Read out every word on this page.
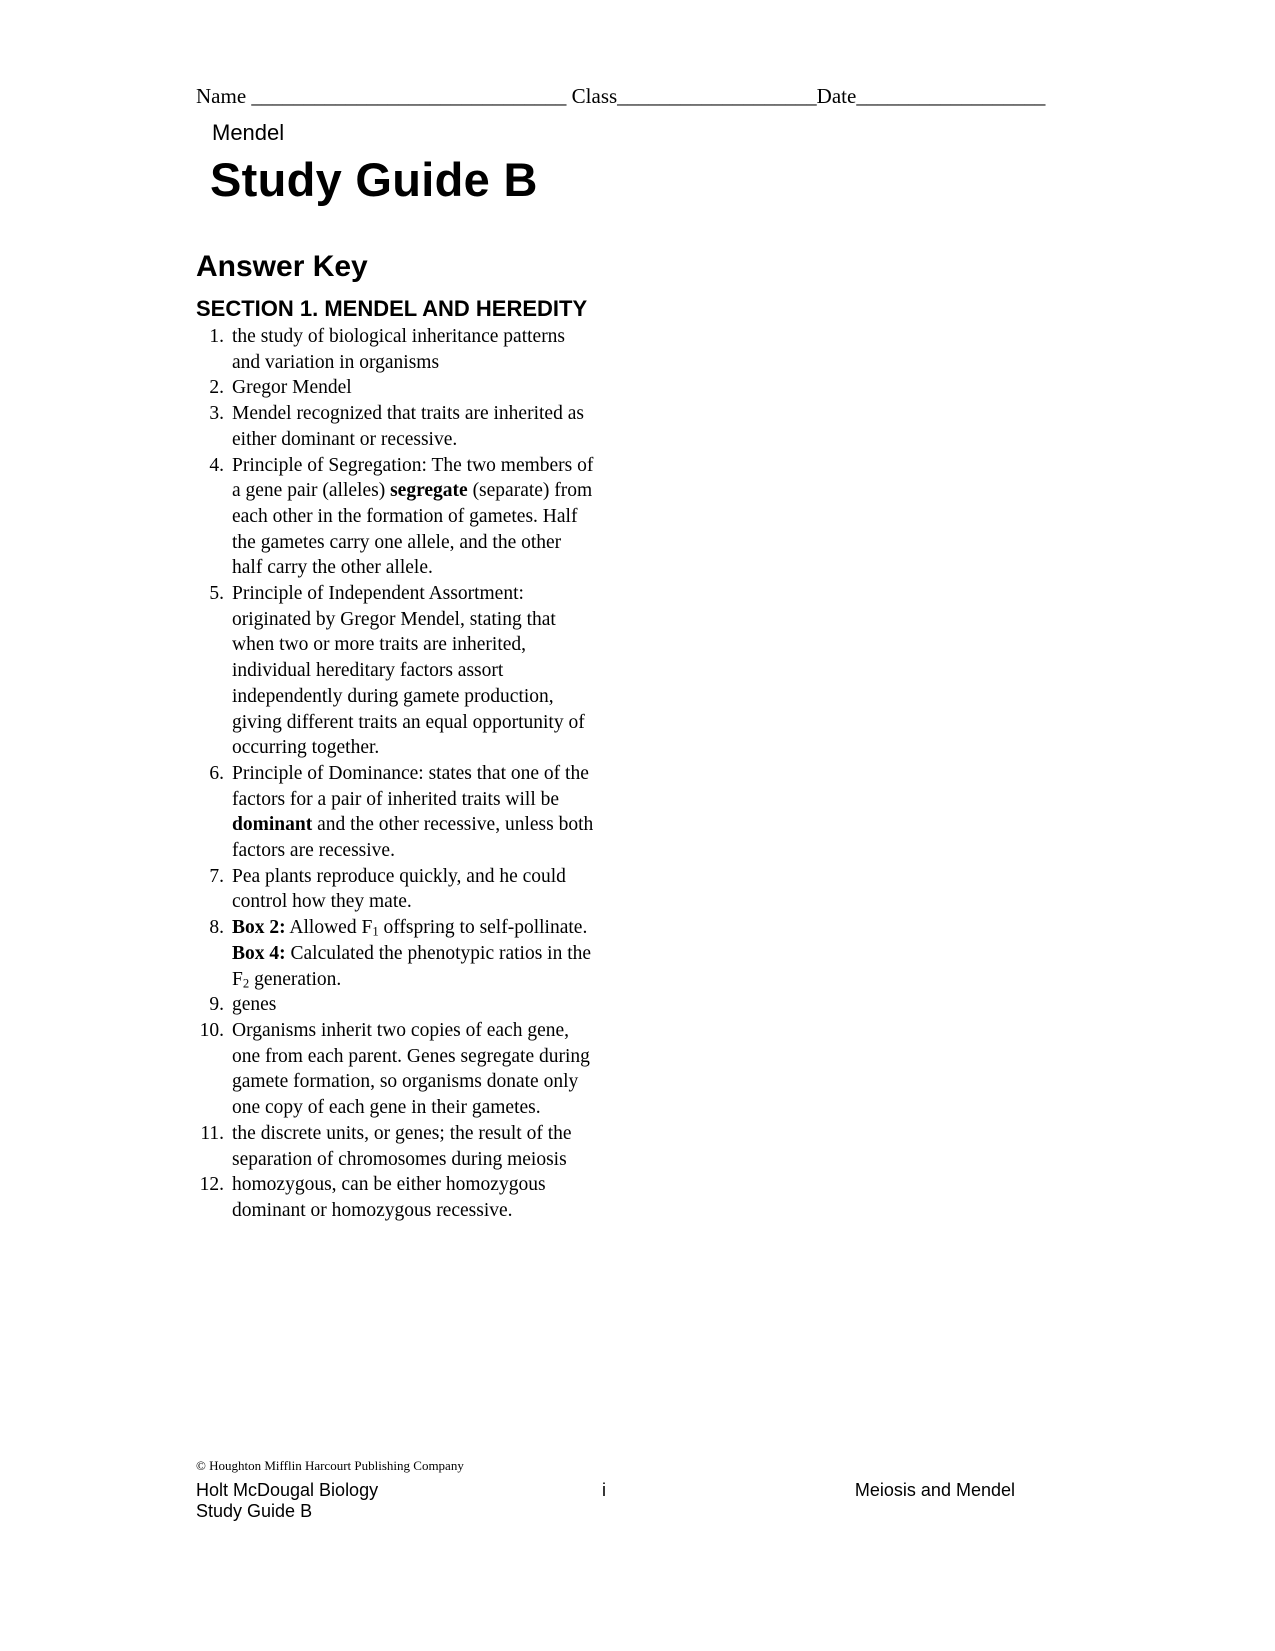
Name ______________________________ Class___________________Date__________________
Mendel
Study Guide B
Answer Key
SECTION 1. MENDEL AND HEREDITY
1. the study of biological inheritance patterns and variation in organisms
2. Gregor Mendel
3. Mendel recognized that traits are inherited as either dominant or recessive.
4. Principle of Segregation: The two members of a gene pair (alleles) segregate (separate) from each other in the formation of gametes. Half the gametes carry one allele, and the other half carry the other allele.
5. Principle of Independent Assortment: originated by Gregor Mendel, stating that when two or more traits are inherited, individual hereditary factors assort independently during gamete production, giving different traits an equal opportunity of occurring together.
6. Principle of Dominance: states that one of the factors for a pair of inherited traits will be dominant and the other recessive, unless both factors are recessive.
7. Pea plants reproduce quickly, and he could control how they mate.
8. Box 2: Allowed $F_1$ offspring to self-pollinate. Box 4: Calculated the phenotypic ratios in the $F_2$ generation.
9. genes
10. Organisms inherit two copies of each gene, one from each parent. Genes segregate during gamete formation, so organisms donate only one copy of each gene in their gametes.
11. the discrete units, or genes; the result of the separation of chromosomes during meiosis
12. homozygous, can be either homozygous dominant or homozygous recessive.
© Houghton Mifflin Harcourt Publishing Company
Holt McDougal Biology
Study Guide B
i	Meiosis and Mendel
